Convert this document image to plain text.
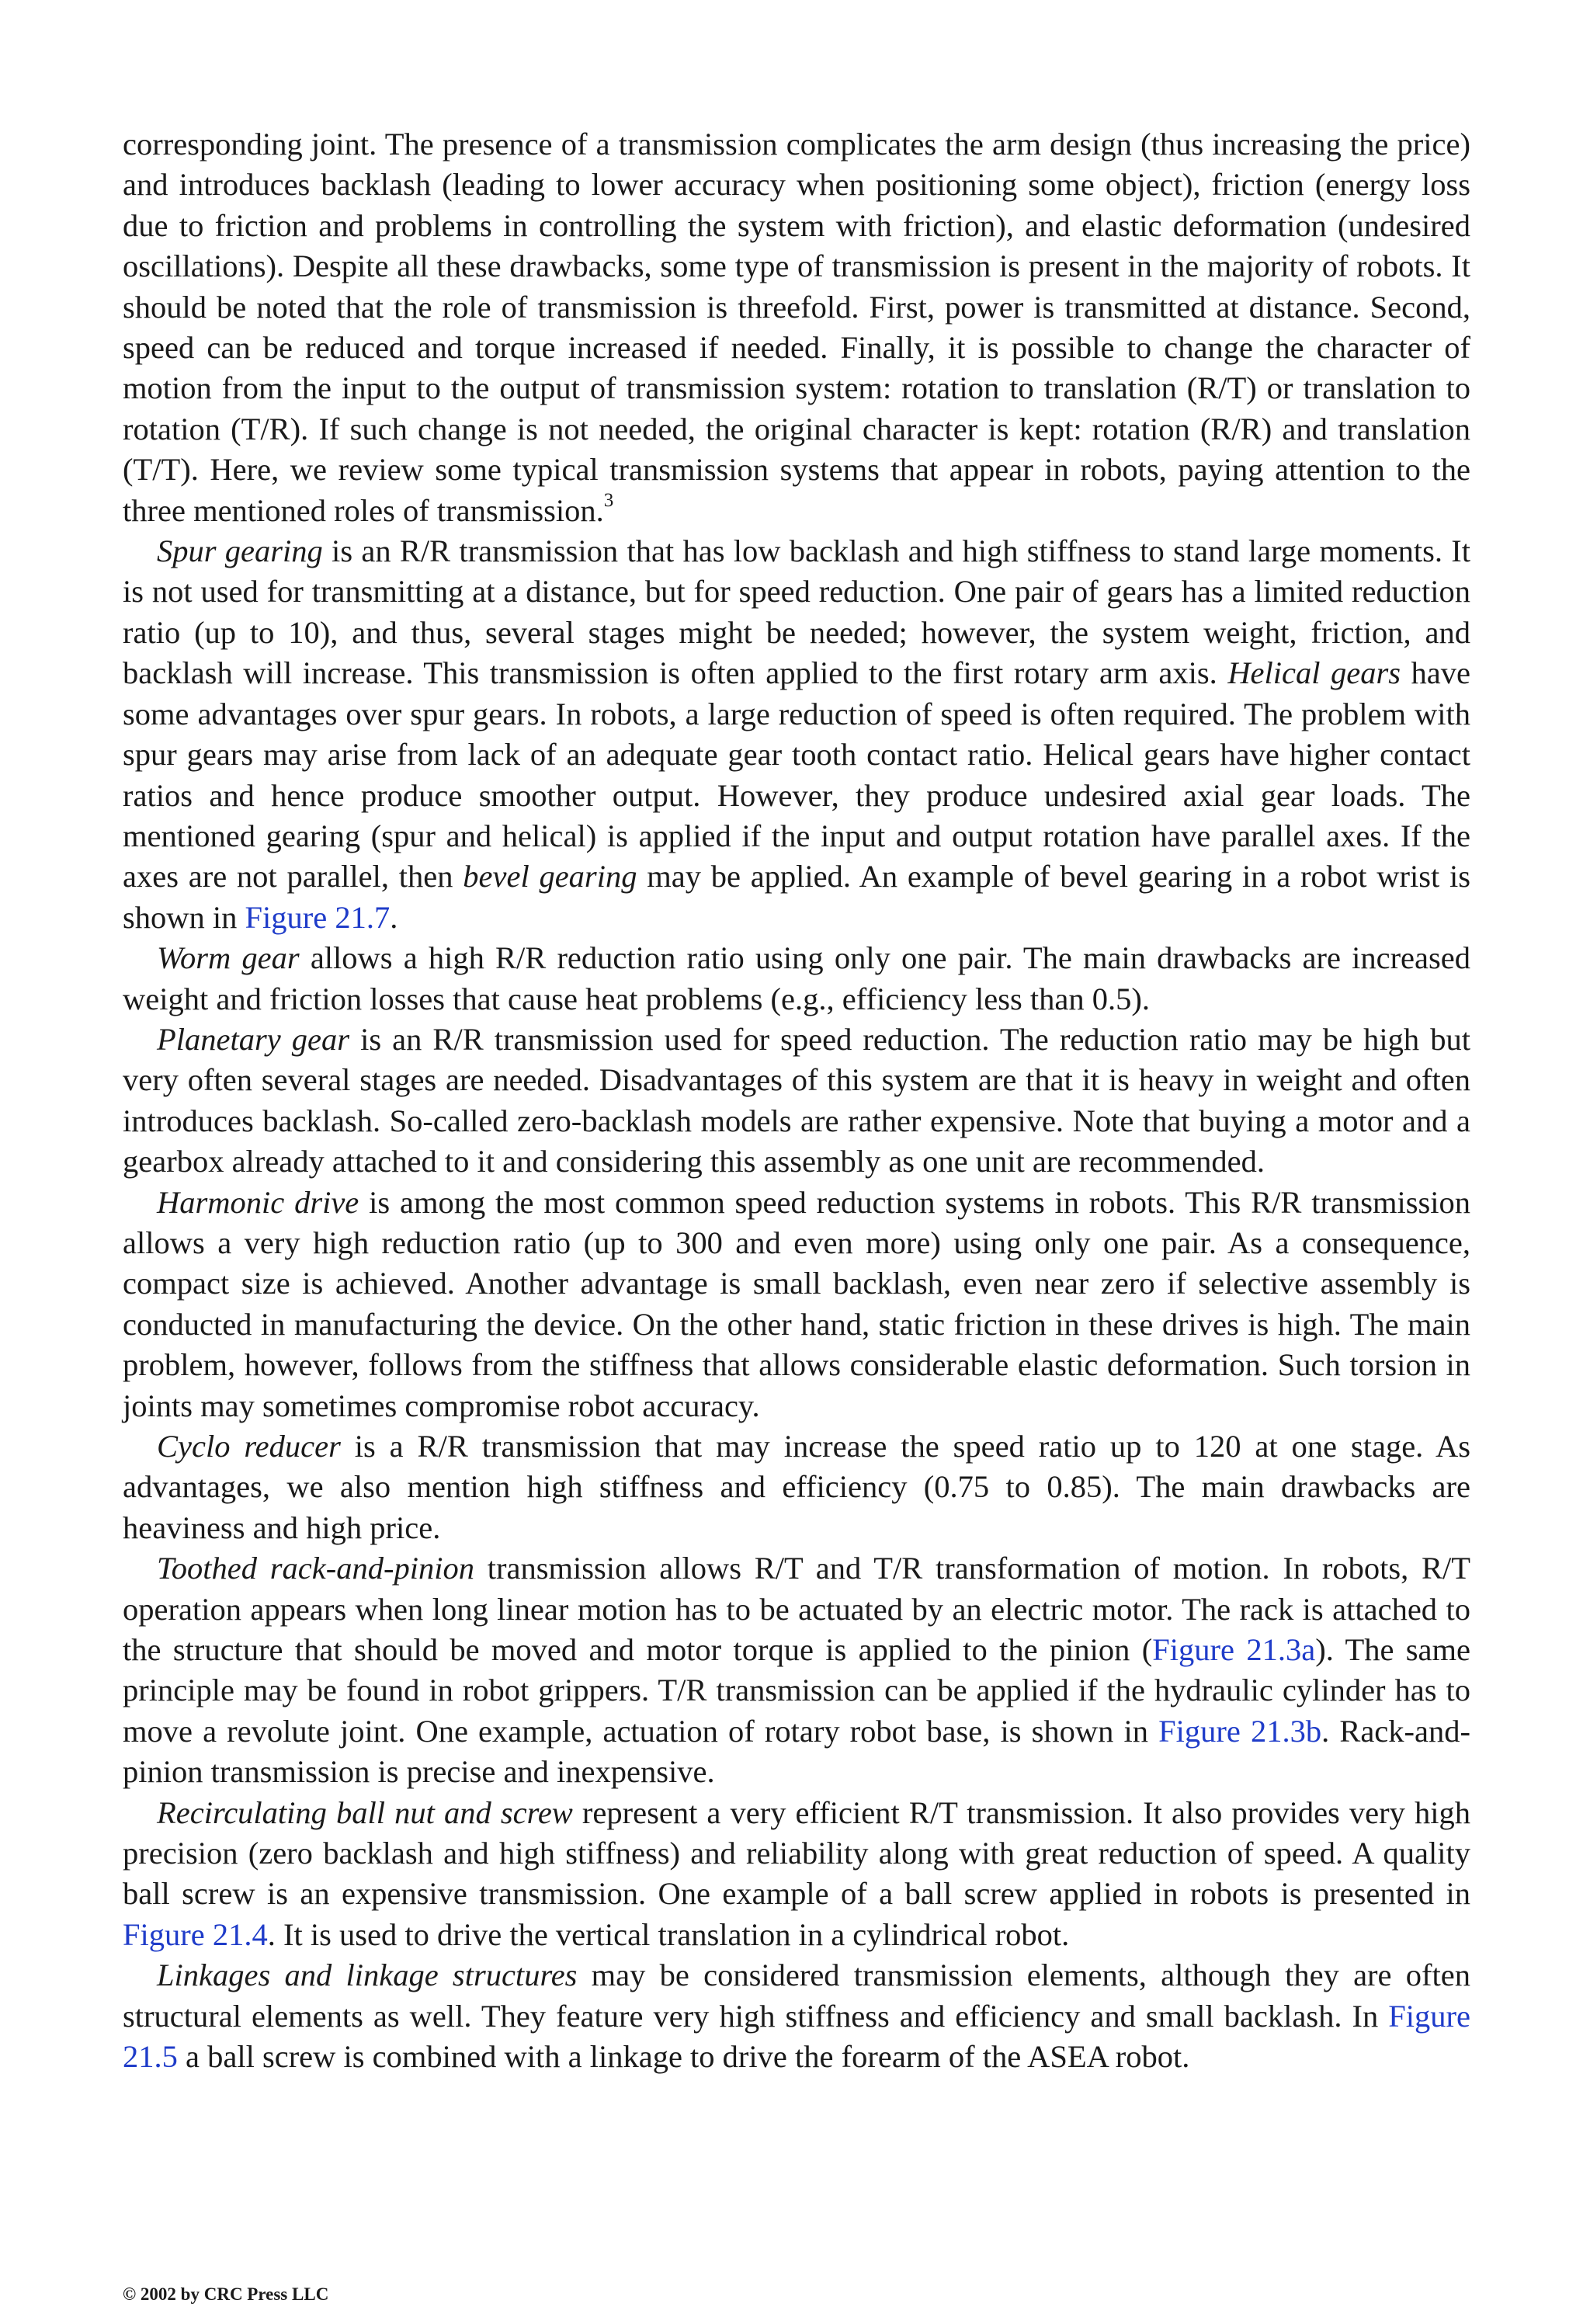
corresponding joint. The presence of a transmission complicates the arm design (thus increasing the price) and introduces backlash (leading to lower accuracy when positioning some object), friction (energy loss due to friction and problems in controlling the system with friction), and elastic deformation (undesired oscillations). Despite all these drawbacks, some type of transmission is present in the majority of robots. It should be noted that the role of transmission is threefold. First, power is transmitted at distance. Second, speed can be reduced and torque increased if needed. Finally, it is possible to change the character of motion from the input to the output of transmission system: rotation to translation (R/T) or translation to rotation (T/R). If such change is not needed, the original character is kept: rotation (R/R) and translation (T/T). Here, we review some typical transmission systems that appear in robots, paying attention to the three mentioned roles of transmission.$^3$

Spur gearing is an R/R transmission that has low backlash and high stiffness to stand large moments. It is not used for transmitting at a distance, but for speed reduction. One pair of gears has a limited reduction ratio (up to 10), and thus, several stages might be needed; however, the system weight, friction, and backlash will increase. This transmission is often applied to the first rotary arm axis. Helical gears have some advantages over spur gears. In robots, a large reduction of speed is often required. The problem with spur gears may arise from lack of an adequate gear tooth contact ratio. Helical gears have higher contact ratios and hence produce smoother output. However, they produce undesired axial gear loads. The mentioned gearing (spur and helical) is applied if the input and output rotation have parallel axes. If the axes are not parallel, then bevel gearing may be applied. An example of bevel gearing in a robot wrist is shown in Figure 21.7.

Worm gear allows a high R/R reduction ratio using only one pair. The main drawbacks are increased weight and friction losses that cause heat problems (e.g., efficiency less than 0.5).

Planetary gear is an R/R transmission used for speed reduction. The reduction ratio may be high but very often several stages are needed. Disadvantages of this system are that it is heavy in weight and often introduces backlash. So-called zero-backlash models are rather expensive. Note that buying a motor and a gearbox already attached to it and considering this assembly as one unit are recommended.

Harmonic drive is among the most common speed reduction systems in robots. This R/R transmission allows a very high reduction ratio (up to 300 and even more) using only one pair. As a consequence, compact size is achieved. Another advantage is small backlash, even near zero if selective assembly is conducted in manufacturing the device. On the other hand, static friction in these drives is high. The main problem, however, follows from the stiffness that allows considerable elastic deformation. Such torsion in joints may sometimes compromise robot accuracy.

Cyclo reducer is a R/R transmission that may increase the speed ratio up to 120 at one stage. As advantages, we also mention high stiffness and efficiency (0.75 to 0.85). The main drawbacks are heaviness and high price.

Toothed rack-and-pinion transmission allows R/T and T/R transformation of motion. In robots, R/T operation appears when long linear motion has to be actuated by an electric motor. The rack is attached to the structure that should be moved and motor torque is applied to the pinion (Figure 21.3a). The same principle may be found in robot grippers. T/R transmission can be applied if the hydraulic cylinder has to move a revolute joint. One example, actuation of rotary robot base, is shown in Figure 21.3b. Rack-and-pinion transmission is precise and inexpensive.

Recirculating ball nut and screw represent a very efficient R/T transmission. It also provides very high precision (zero backlash and high stiffness) and reliability along with great reduction of speed. A quality ball screw is an expensive transmission. One example of a ball screw applied in robots is presented in Figure 21.4. It is used to drive the vertical translation in a cylindrical robot.

Linkages and linkage structures may be considered transmission elements, although they are often structural elements as well. They feature very high stiffness and efficiency and small backlash. In Figure 21.5 a ball screw is combined with a linkage to drive the forearm of the ASEA robot.

© 2002 by CRC Press LLC
